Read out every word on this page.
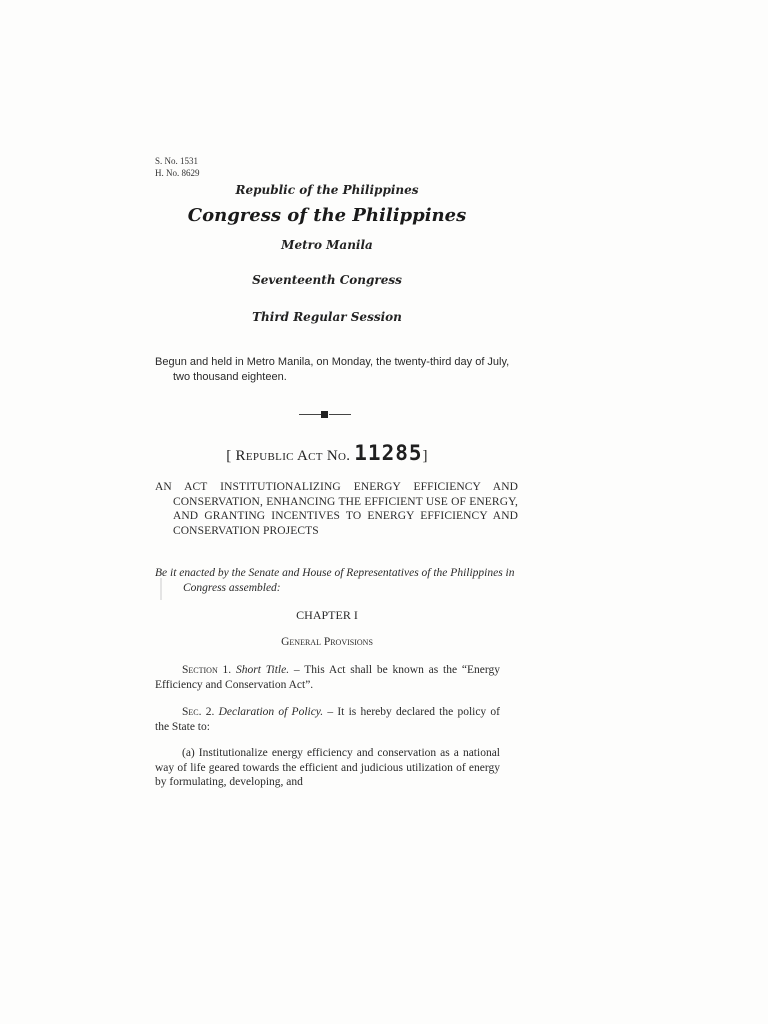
S. No. 1531
H. No. 8629
Republic of the Philippines
Congress of the Philippines
Metro Manila
Seventeenth Congress
Third Regular Session
Begun and held in Metro Manila, on Monday, the twenty-third day of July, two thousand eighteen.
[ Republic Act No. 11285]
AN ACT INSTITUTIONALIZING ENERGY EFFICIENCY AND CONSERVATION, ENHANCING THE EFFICIENT USE OF ENERGY, AND GRANTING INCENTIVES TO ENERGY EFFICIENCY AND CONSERVATION PROJECTS
Be it enacted by the Senate and House of Representatives of the Philippines in Congress assembled:
CHAPTER I
General Provisions
Section 1. Short Title. – This Act shall be known as the “Energy Efficiency and Conservation Act”.
Sec. 2. Declaration of Policy. – It is hereby declared the policy of the State to:
(a) Institutionalize energy efficiency and conservation as a national way of life geared towards the efficient and judicious utilization of energy by formulating, developing, and
